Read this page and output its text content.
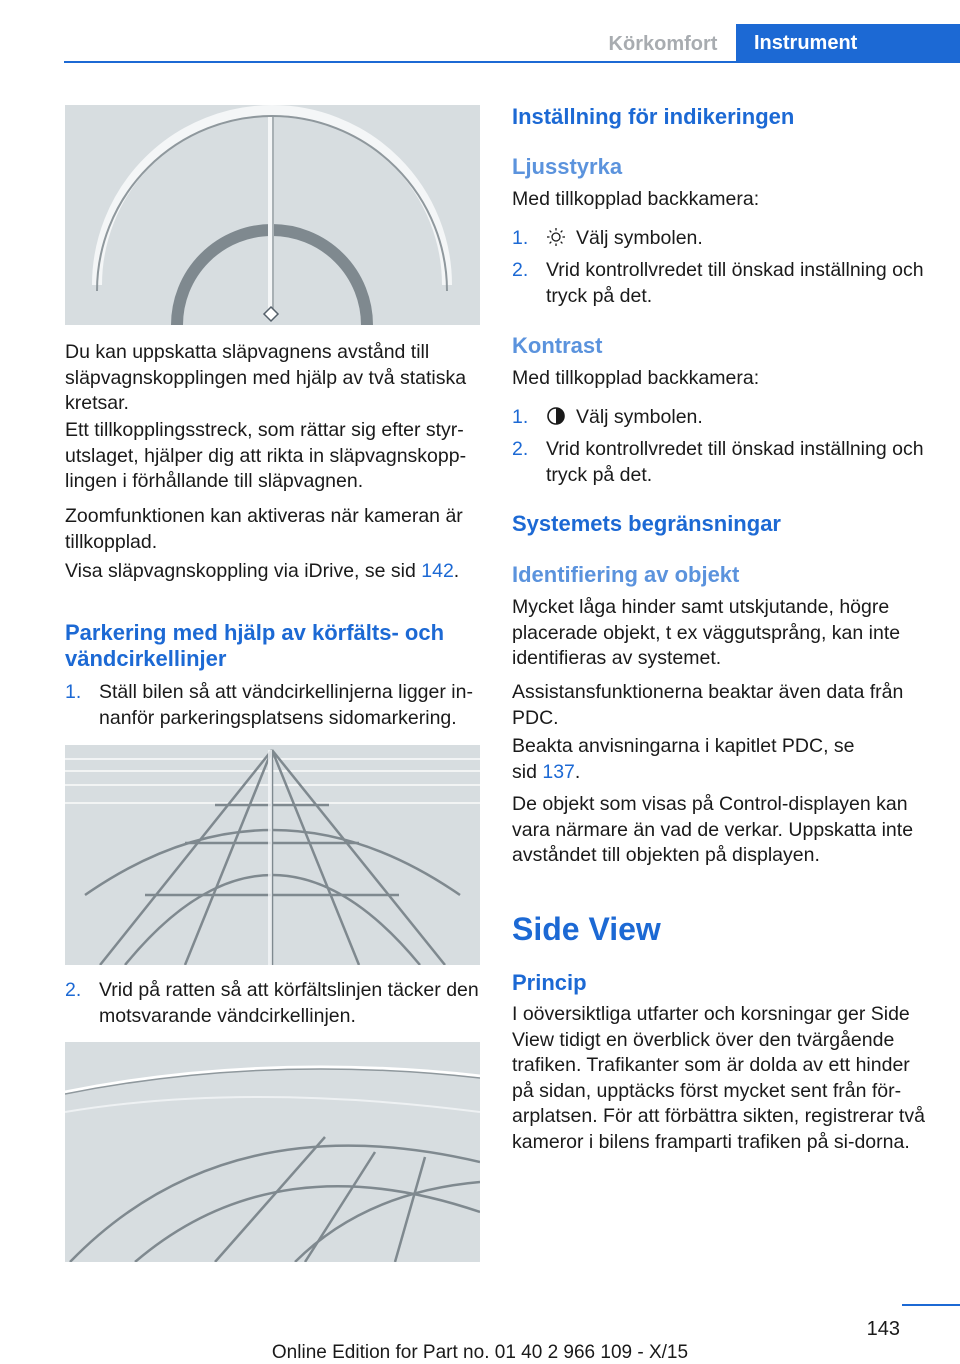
Körkomfort	Instrument
Du kan uppskatta släpvagnens avstånd till släpvagnskopplingen med hjälp av två statiska kretsar.
Ett tillkopplingsstreck, som rättar sig efter styr‐utslaget, hjälper dig att rikta in släpvagnskopp‐lingen i förhållande till släpvagnen.
Zoomfunktionen kan aktiveras när kameran är tillkopplad.
Visa släpvagnskoppling via iDrive, se sid 142.
Parkering med hjälp av körfälts- och vändcirkellinjer
1. Ställ bilen så att vändcirkellinjerna ligger in‐nanför parkeringsplatsens sidomarkering.
2. Vrid på ratten så att körfältslinjen täcker den motsvarande vändcirkellinjen.
Inställning för indikeringen
Ljusstyrka
Med tillkopplad backkamera:
1.	Välj symbolen.
2. Vrid kontrollvredet till önskad inställning och tryck på det.
Kontrast
Med tillkopplad backkamera:
1.	Välj symbolen.
2. Vrid kontrollvredet till önskad inställning och tryck på det.
Systemets begränsningar
Identifiering av objekt
Mycket låga hinder samt utskjutande, högre placerade objekt, t ex väggutsprång, kan inte identifieras av systemet.
Assistansfunktionerna beaktar även data från PDC.
Beakta anvisningarna i kapitlet PDC, se sid 137.
De objekt som visas på Control-displayen kan vara närmare än vad de verkar. Uppskatta inte avståndet till objekten på displayen.
Side View
Princip
I oöversiktliga utfarter och korsningar ger Side View tidigt en överblick över den tvärgående trafiken. Trafikanter som är dolda av ett hinder på sidan, upptäcks först mycket sent från för‐arplatsen. För att förbättra sikten, registrerar två kameror i bilens framparti trafiken på si‐dorna.
143
Online Edition for Part no. 01 40 2 966 109 - X/15
